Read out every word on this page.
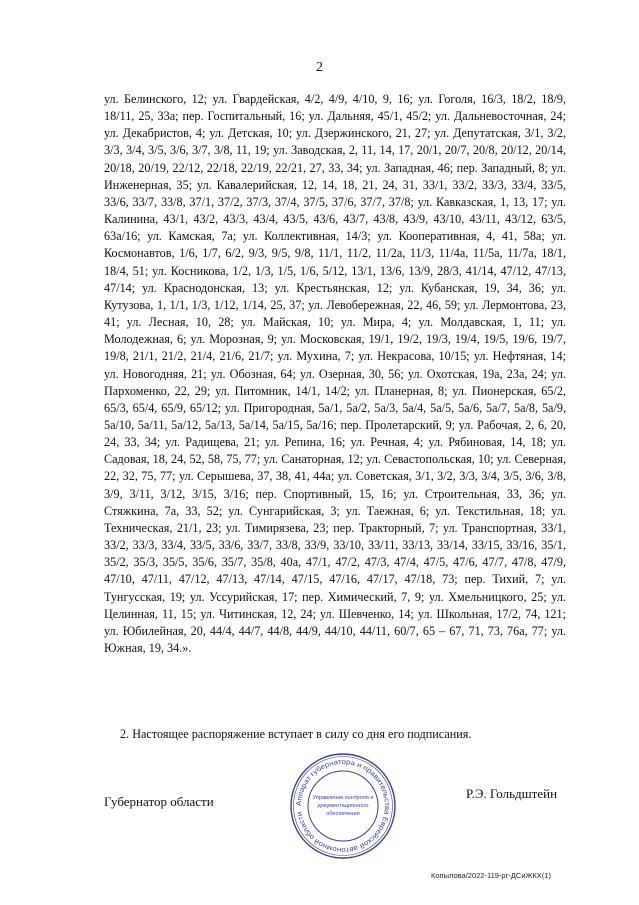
2

ул. Белинского, 12; ул. Гвардейская, 4/2, 4/9, 4/10, 9, 16; ул. Гоголя, 16/3, 18/2, 18/9, 18/11, 25, 33а; пер. Госпитальный, 16; ул. Дальняя, 45/1, 45/2; ул. Дальневосточная, 24; ул. Декабристов, 4; ул. Детская, 10; ул. Дзержинского, 21, 27; ул. Депутатская, 3/1, 3/2, 3/3, 3/4, 3/5, 3/6, 3/7, 3/8, 11, 19; ул. Заводская, 2, 11, 14, 17, 20/1, 20/7, 20/8, 20/12, 20/14, 20/18, 20/19, 22/12, 22/18, 22/19, 22/21, 27, 33, 34; ул. Западная, 46; пер. Западный, 8; ул. Инженерная, 35; ул. Кавалерийская, 12, 14, 18, 21, 24, 31, 33/1, 33/2, 33/3, 33/4, 33/5, 33/6, 33/7, 33/8, 37/1, 37/2, 37/3, 37/4, 37/5, 37/6, 37/7, 37/8; ул. Кавказская, 1, 13, 17; ул. Калинина, 43/1, 43/2, 43/3, 43/4, 43/5, 43/6, 43/7, 43/8, 43/9, 43/10, 43/11, 43/12, 63/5, 63а/16; ул. Камская, 7а; ул. Коллективная, 14/3; ул. Кооперативная, 4, 41, 58а; ул. Космонавтов, 1/6, 1/7, 6/2, 9/3, 9/5, 9/8, 11/1, 11/2, 11/2а, 11/3, 11/4а, 11/5а, 11/7а, 18/1, 18/4, 51; ул. Косникова, 1/2, 1/3, 1/5, 1/6, 5/12, 13/1, 13/6, 13/9, 28/3, 41/14, 47/12, 47/13, 47/14; ул. Краснодонская, 13; ул. Крестьянская, 12; ул. Кубанская, 19, 34, 36; ул. Кутузова, 1, 1/1, 1/3, 1/12, 1/14, 25, 37; ул. Левобережная, 22, 46, 59; ул. Лермонтова, 23, 41; ул. Лесная, 10, 28; ул. Майская, 10; ул. Мира, 4; ул. Молдавская, 1, 11; ул. Молодежная, 6; ул. Морозная, 9; ул. Московская, 19/1, 19/2, 19/3, 19/4, 19/5, 19/6, 19/7, 19/8, 21/1, 21/2, 21/4, 21/6, 21/7; ул. Мухина, 7; ул. Некрасова, 10/15; ул. Нефтяная, 14; ул. Новогодняя, 21; ул. Обозная, 64; ул. Озерная, 30, 56; ул. Охотская, 19а, 23а, 24; ул. Пархоменко, 22, 29; ул. Питомник, 14/1, 14/2; ул. Планерная, 8; ул. Пионерская, 65/2, 65/3, 65/4, 65/9, 65/12; ул. Пригородная, 5а/1, 5а/2, 5а/3, 5а/4, 5а/5, 5а/6, 5а/7, 5а/8, 5а/9, 5а/10, 5а/11, 5а/12, 5а/13, 5а/14, 5а/15, 5а/16; пер. Пролетарский, 9; ул. Рабочая, 2, 6, 20, 24, 33, 34; ул. Радищева, 21; ул. Репина, 16; ул. Речная, 4; ул. Рябиновая, 14, 18; ул. Садовая, 18, 24, 52, 58, 75, 77; ул. Санаторная, 12; ул. Севастопольская, 10; ул. Северная, 22, 32, 75, 77; ул. Серышева, 37, 38, 41, 44а; ул. Советская, 3/1, 3/2, 3/3, 3/4, 3/5, 3/6, 3/8, 3/9, 3/11, 3/12, 3/15, 3/16; пер. Спортивный, 15, 16; ул. Строительная, 33, 36; ул. Стяжкина, 7а, 33, 52; ул. Сунгарийская, 3; ул. Таежная, 6; ул. Текстильная, 18; ул. Техническая, 21/1, 23; ул. Тимирязева, 23; пер. Тракторный, 7; ул. Транспортная, 33/1, 33/2, 33/3, 33/4, 33/5, 33/6, 33/7, 33/8, 33/9, 33/10, 33/11, 33/13, 33/14, 33/15, 33/16, 35/1, 35/2, 35/3, 35/5, 35/6, 35/7, 35/8, 40а, 47/1, 47/2, 47/3, 47/4, 47/5, 47/6, 47/7, 47/8, 47/9, 47/10, 47/11, 47/12, 47/13, 47/14, 47/15, 47/16, 47/17, 47/18, 73; пер. Тихий, 7; ул. Тунгусская, 19; ул. Уссурийская, 17; пер. Химический, 7, 9; ул. Хмельницкого, 25; ул. Целинная, 11, 15; ул. Читинская, 12, 24; ул. Шевченко, 14; ул. Школьная, 17/2, 74, 121; ул. Юбилейная, 20, 44/4, 44/7, 44/8, 44/9, 44/10, 44/11, 60/7, 65 – 67, 71, 73, 76а, 77; ул. Южная, 19, 34.».

2. Настоящее распоряжение вступает в силу со дня его подписания.

Губернатор области	Аппарат губернатора и правительства Еврейской автономной области
Управление контроля и
документационного
обеспечения
Р.Э. Гольдштейн
Копылова/2022-119-рг-ДСиЖКХ(1)
